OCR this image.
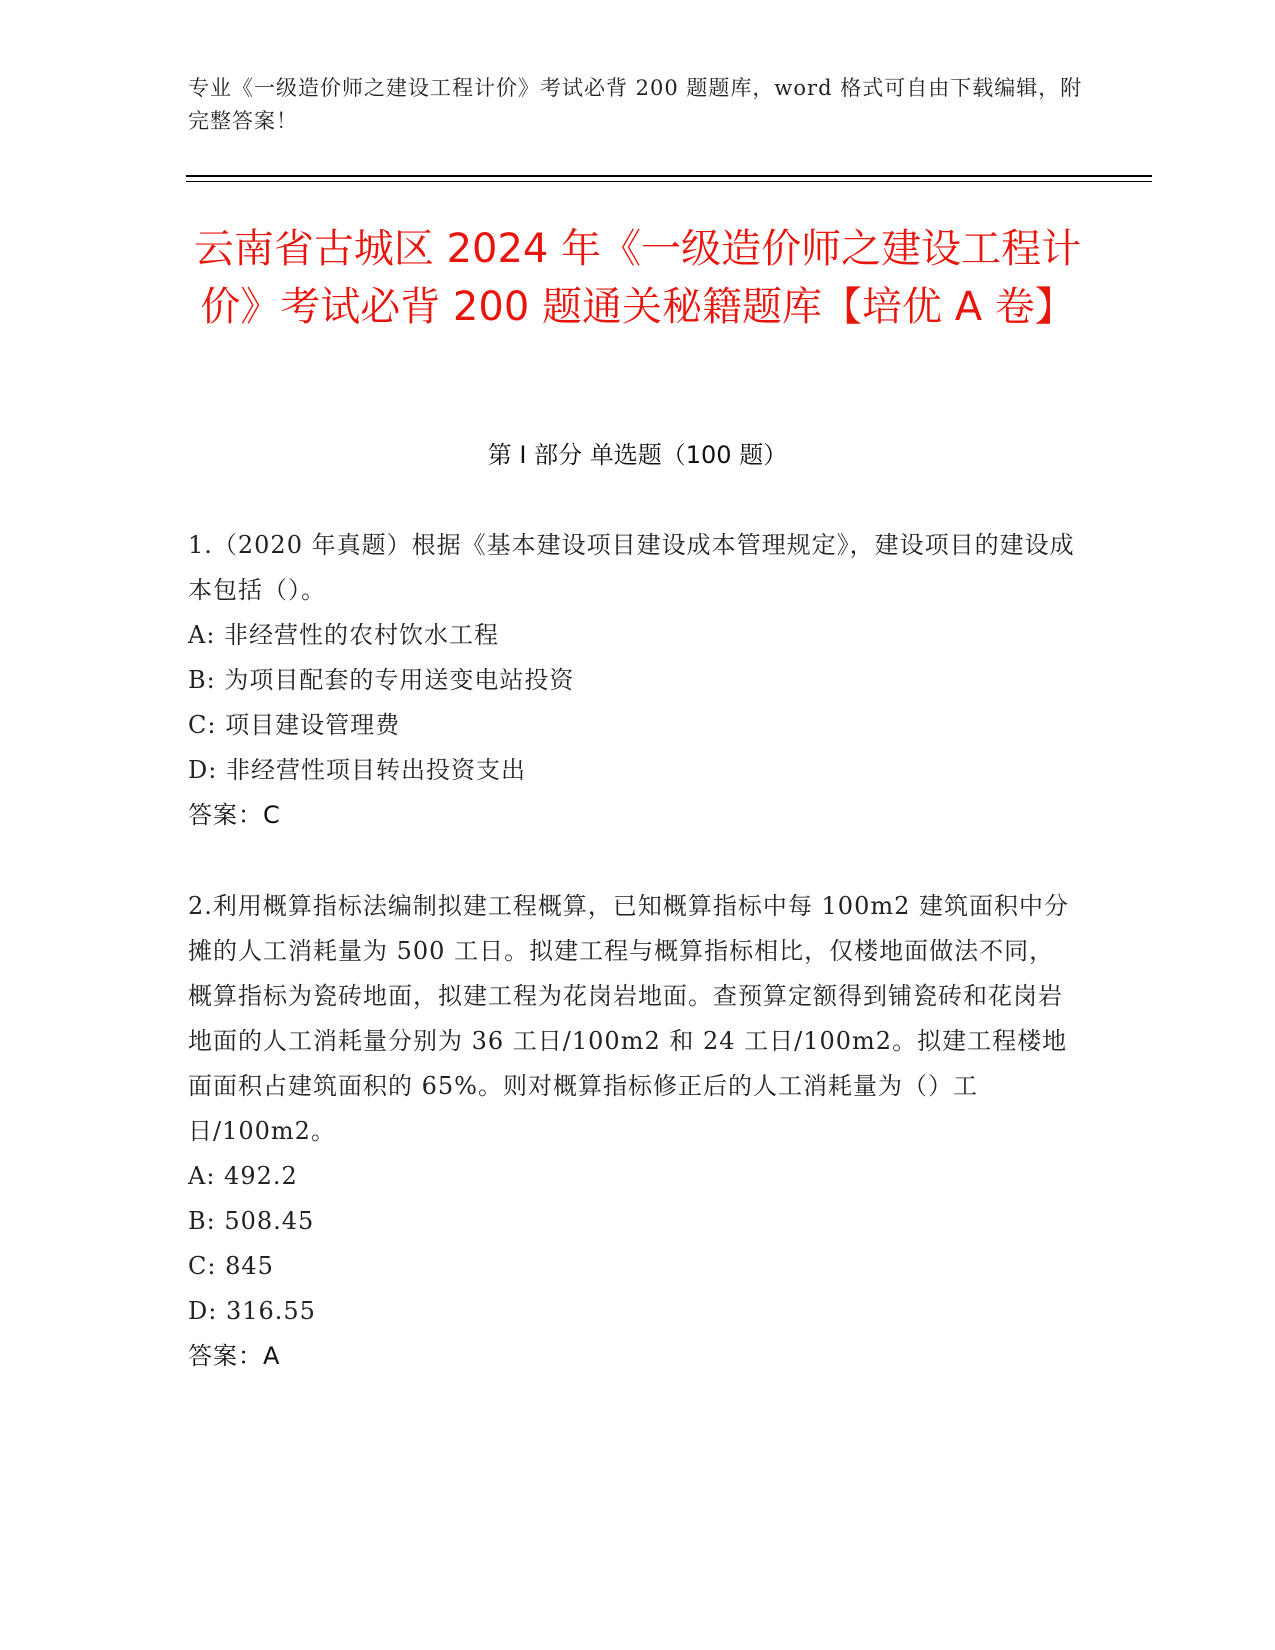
专业《一级造价师之建设工程计价》考试必背 200 题题库，word 格式可自由下载编辑，附完整答案！
云南省古城区 2024 年《一级造价师之建设工程计价》考试必背 200 题通关秘籍题库【培优 A 卷】
第 I 部分 单选题（100 题）
1.（2020 年真题）根据《基本建设项目建设成本管理规定》，建设项目的建设成本包括（）。
A: 非经营性的农村饮水工程
B: 为项目配套的专用送变电站投资
C: 项目建设管理费
D: 非经营性项目转出投资支出
答案：C
2.利用概算指标法编制拟建工程概算，已知概算指标中每 100m2 建筑面积中分摊的人工消耗量为 500 工日。拟建工程与概算指标相比，仅楼地面做法不同，概算指标为瓷砖地面，拟建工程为花岗岩地面。查预算定额得到铺瓷砖和花岗岩地面的人工消耗量分别为 36 工日/100m2 和 24 工日/100m2。拟建工程楼地面面积占建筑面积的 65%。则对概算指标修正后的人工消耗量为（）工日/100m2。
A: 492.2
B: 508.45
C: 845
D: 316.55
答案：A
